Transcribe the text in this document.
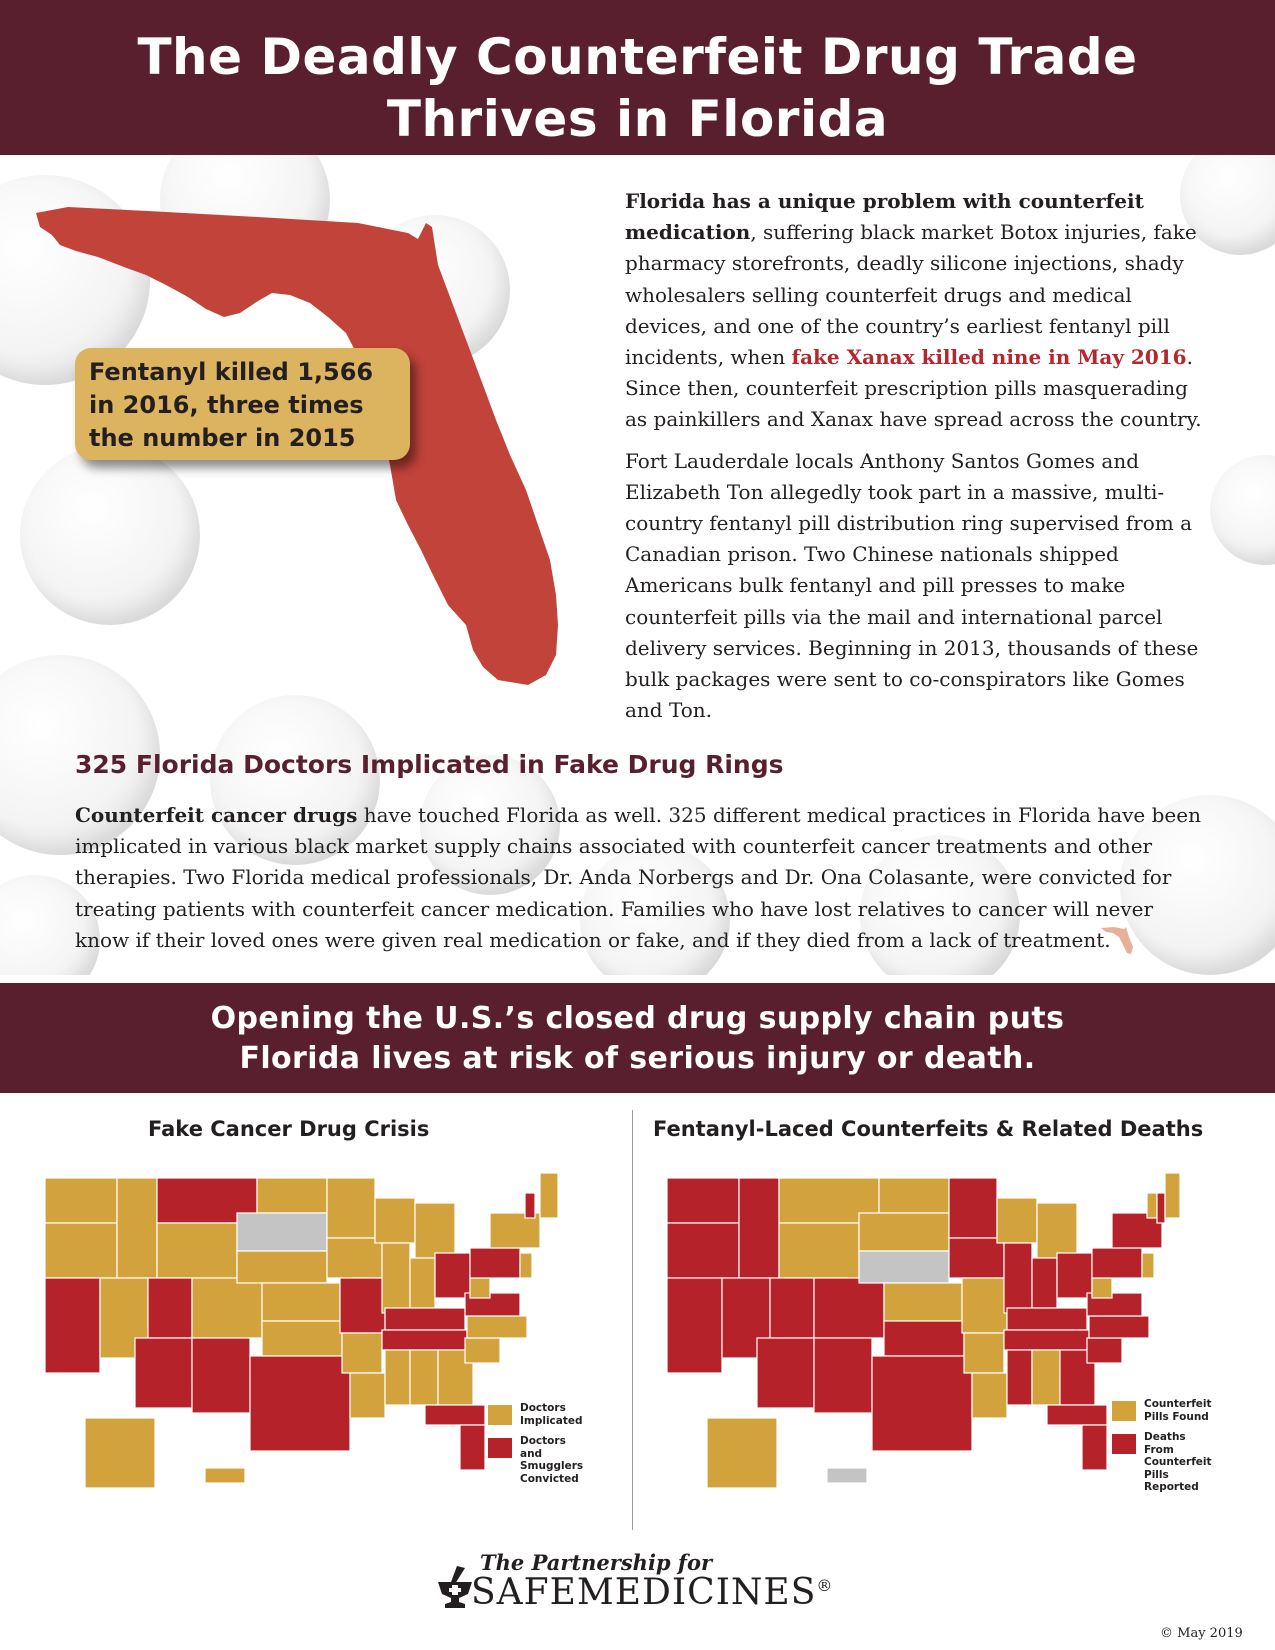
The Deadly Counterfeit Drug Trade
Thrives in Florida
Fentanyl killed 1,566
in 2016, three times
the number in 2015

Florida has a unique problem with counterfeit medication, suffering black market Botox injuries, fake pharmacy storefronts, deadly silicone injections, shady wholesalers selling counterfeit drugs and medical devices, and one of the country’s earliest fentanyl pill incidents, when fake Xanax killed nine in May 2016. Since then, counterfeit prescription pills masquerading as painkillers and Xanax have spread across the country.

Fort Lauderdale locals Anthony Santos Gomes and Elizabeth Ton allegedly took part in a massive, multi-country fentanyl pill distribution ring supervised from a Canadian prison. Two Chinese nationals shipped Americans bulk fentanyl and pill presses to make counterfeit pills via the mail and international parcel delivery services. Beginning in 2013, thousands of these bulk packages were sent to co-conspirators like Gomes and Ton.

325 Florida Doctors Implicated in Fake Drug Rings

Counterfeit cancer drugs have touched Florida as well. 325 different medical practices in Florida have been implicated in various black market supply chains associated with counterfeit cancer treatments and other therapies. Two Florida medical professionals, Dr. Anda Norbergs and Dr. Ona Colasante, were convicted for treating patients with counterfeit cancer medication. Families who have lost relatives to cancer will never know if their loved ones were given real medication or fake, and if they died from a lack of treatment.

Opening the U.S.’s closed drug supply chain puts
Florida lives at risk of serious injury or death.

Fake Cancer Drug Crisis	Fentanyl-Laced Counterfeits & Related Deaths
Doctors Implicated
Doctors and Smugglers Convicted
Counterfeit Pills Found
Deaths From Counterfeit Pills Reported
The Partnership for
SAFEMEDICINES®
© May 2019
